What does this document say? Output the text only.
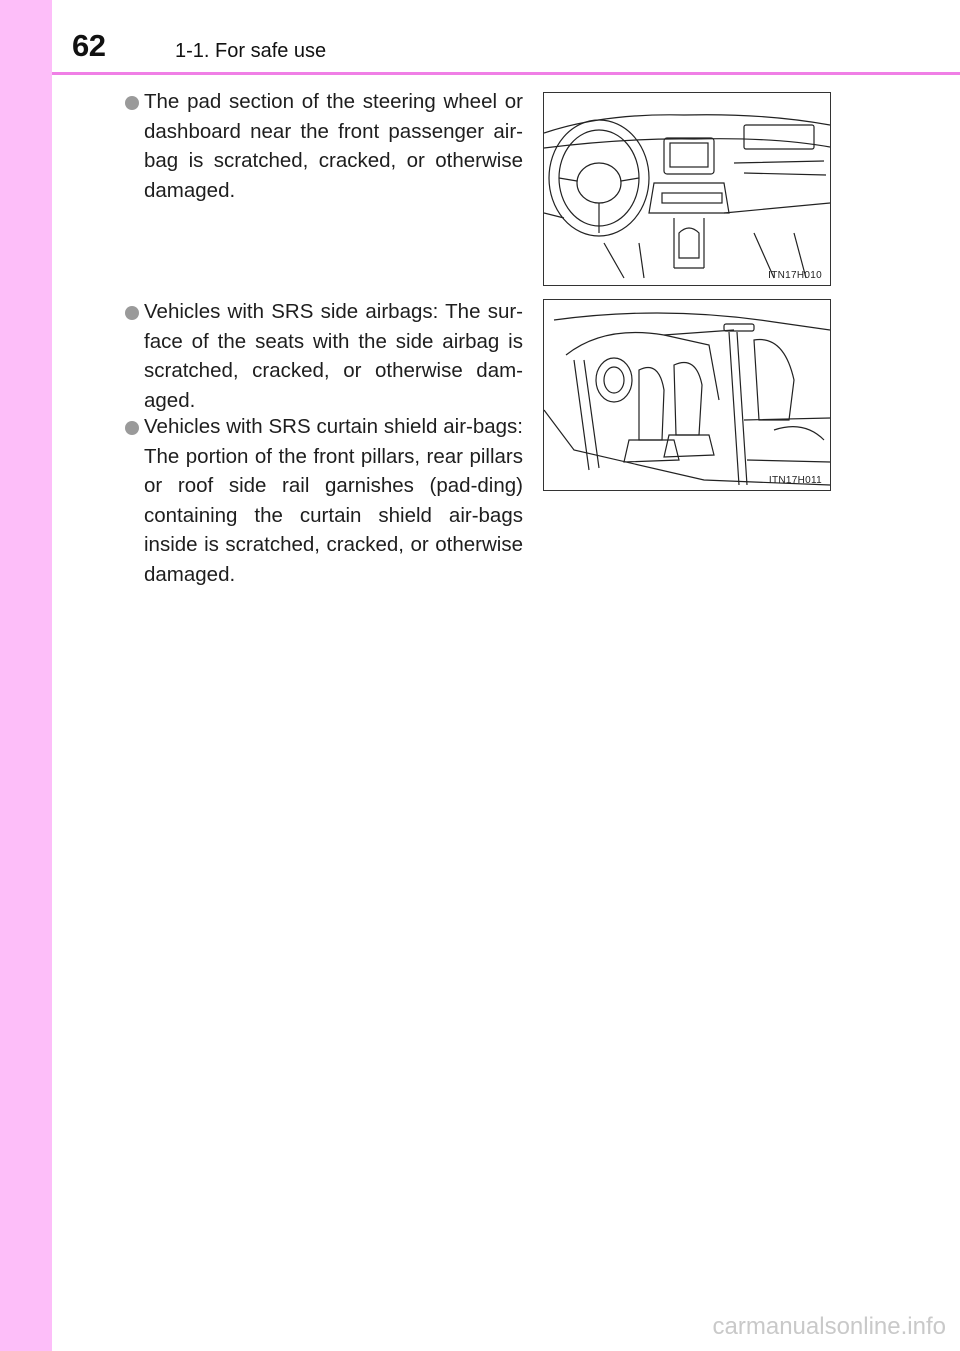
62	1-1. For safe use
The pad section of the steering wheel or dashboard near the front passenger air-bag is scratched, cracked, or otherwise damaged.
Vehicles with SRS side airbags: The sur-face of the seats with the side airbag is scratched, cracked, or otherwise dam-aged.
Vehicles with SRS curtain shield air-bags: The portion of the front pillars, rear pillars or roof side rail garnishes (pad-ding) containing the curtain shield air-bags inside is scratched, cracked, or otherwise damaged.
ITN17H010
ITN17H011
carmanualsonline.info
